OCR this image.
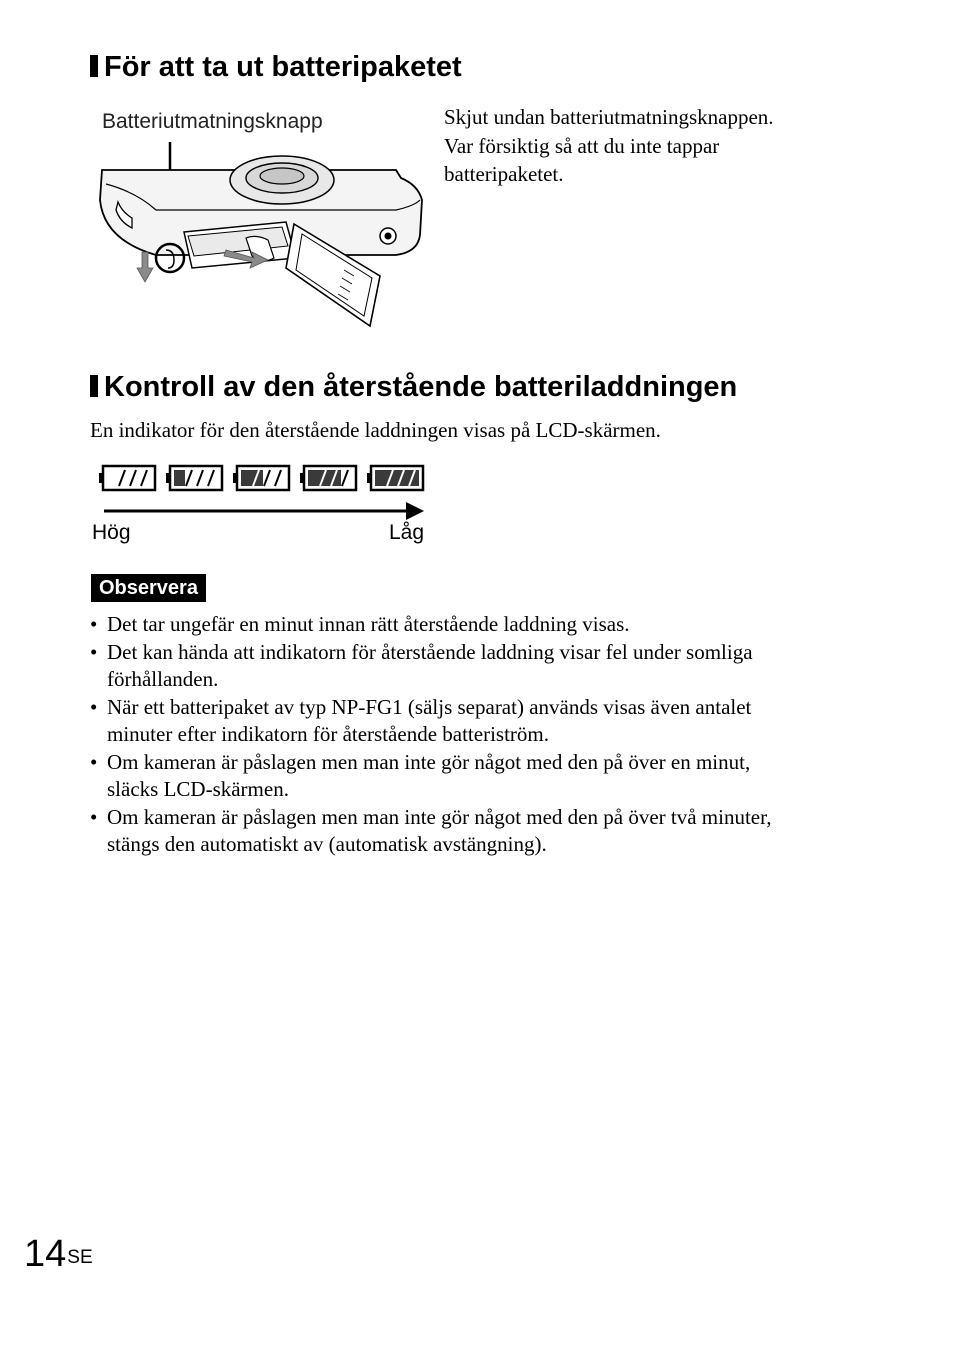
För att ta ut batteripaketet
Batteriutmatningsknapp	Skjut undan batteriutmatningsknappen.
Var försiktig så att du inte tappar
batteripaketet.
Kontroll av den återstående batteriladdningen
En indikator för den återstående laddningen visas på LCD-skärmen.
Hög	Låg
Observera
• Det tar ungefär en minut innan rätt återstående laddning visas.
• Det kan hända att indikatorn för återstående laddning visar fel under somliga
förhållanden.
• När ett batteripaket av typ NP-FG1 (säljs separat) används visas även antalet
minuter efter indikatorn för återstående batteriström.
• Om kameran är påslagen men man inte gör något med den på över en minut,
släcks LCD-skärmen.
• Om kameran är påslagen men man inte gör något med den på över två minuter,
stängs den automatiskt av (automatisk avstängning).
$14^{SE}$
